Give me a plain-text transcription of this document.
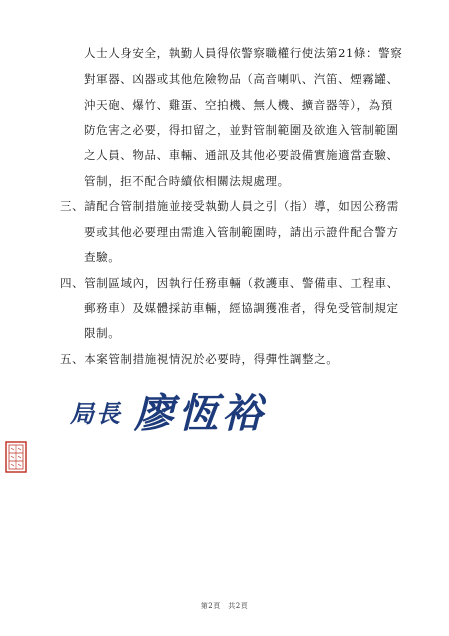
人士人身安全，執勤人員得依警察職權行使法第21條：警察
對軍器、凶器或其他危險物品（高音喇叭、汽笛、煙霧罐、
沖天砲、爆竹、雞蛋、空拍機、無人機、擴音器等），為預
防危害之必要，得扣留之，並對管制範圍及欲進入管制範圍
之人員、物品、車輛、通訊及其他必要設備實施適當查驗、
管制，拒不配合時續依相關法規處理。
三、請配合管制措施並接受執勤人員之引（指）導，如因公務需
要或其他必要理由需進入管制範圍時，請出示證件配合警方
查驗。
四、管制區域內，因執行任務車輛（救護車、警備車、工程車、
郵務車）及媒體採訪車輛，經協調獲准者，得免受管制規定
限制。
五、本案管制措施視情況於必要時，得彈性調整之。
局長 廖恆裕
第2頁　共2頁
